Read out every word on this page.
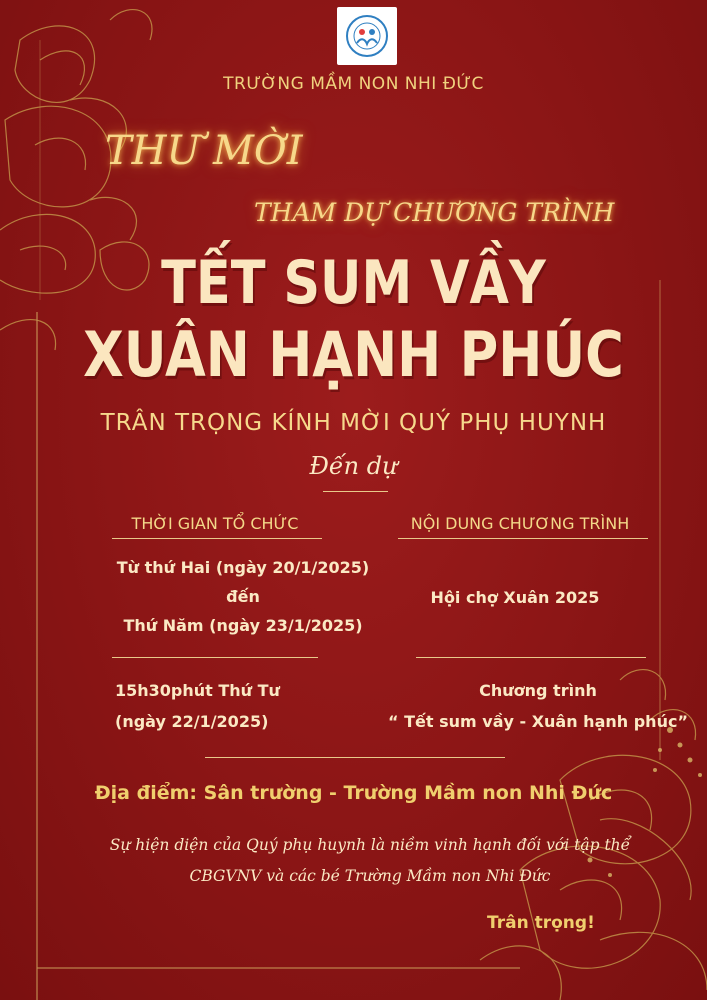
TRƯỜNG MẦM NON NHI ĐỨC
THƯ MỜI
THAM DỰ CHƯƠNG TRÌNH
TẾT SUM VẦY
XUÂN HẠNH PHÚC
TRÂN TRỌNG KÍNH MỜI QUÝ PHỤ HUYNH
Đến dự
THỜI GIAN TỔ CHỨC	NỘI DUNG CHƯƠNG TRÌNH
Từ thứ Hai (ngày 20/1/2025)
đến
Thứ Năm (ngày 23/1/2025)
Hội chợ Xuân 2025
15h30phút Thứ Tư
(ngày 22/1/2025)
Chương trình
“ Tết sum vầy - Xuân hạnh phúc”
Địa điểm: Sân trường - Trường Mầm non Nhi Đức
Sự hiện diện của Quý phụ huynh là niềm vinh hạnh đối với tập thể
CBGVNV và các bé Trường Mầm non Nhi Đức
Trân trọng!
